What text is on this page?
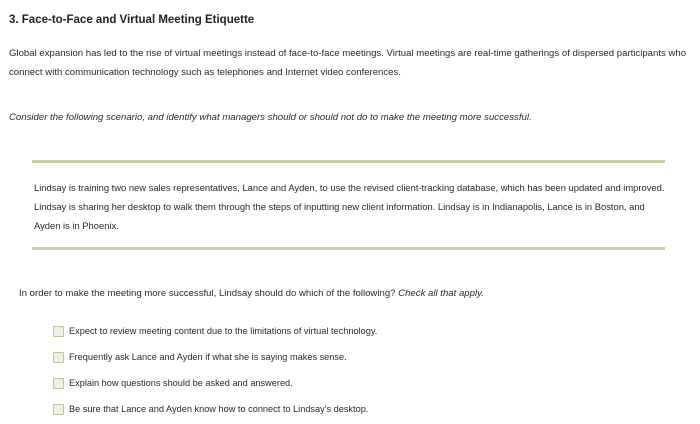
3. Face-to-Face and Virtual Meeting Etiquette
Global expansion has led to the rise of virtual meetings instead of face-to-face meetings. Virtual meetings are real-time gatherings of dispersed participants who connect with communication technology such as telephones and Internet video conferences.
Consider the following scenario, and identify what managers should or should not do to make the meeting more successful.
Lindsay is training two new sales representatives, Lance and Ayden, to use the revised client-tracking database, which has been updated and improved. Lindsay is sharing her desktop to walk them through the steps of inputting new client information. Lindsay is in Indianapolis, Lance is in Boston, and Ayden is in Phoenix.
In order to make the meeting more successful, Lindsay should do which of the following? Check all that apply.
Expect to review meeting content due to the limitations of virtual technology.
Frequently ask Lance and Ayden if what she is saying makes sense.
Explain how questions should be asked and answered.
Be sure that Lance and Ayden know how to connect to Lindsay's desktop.
